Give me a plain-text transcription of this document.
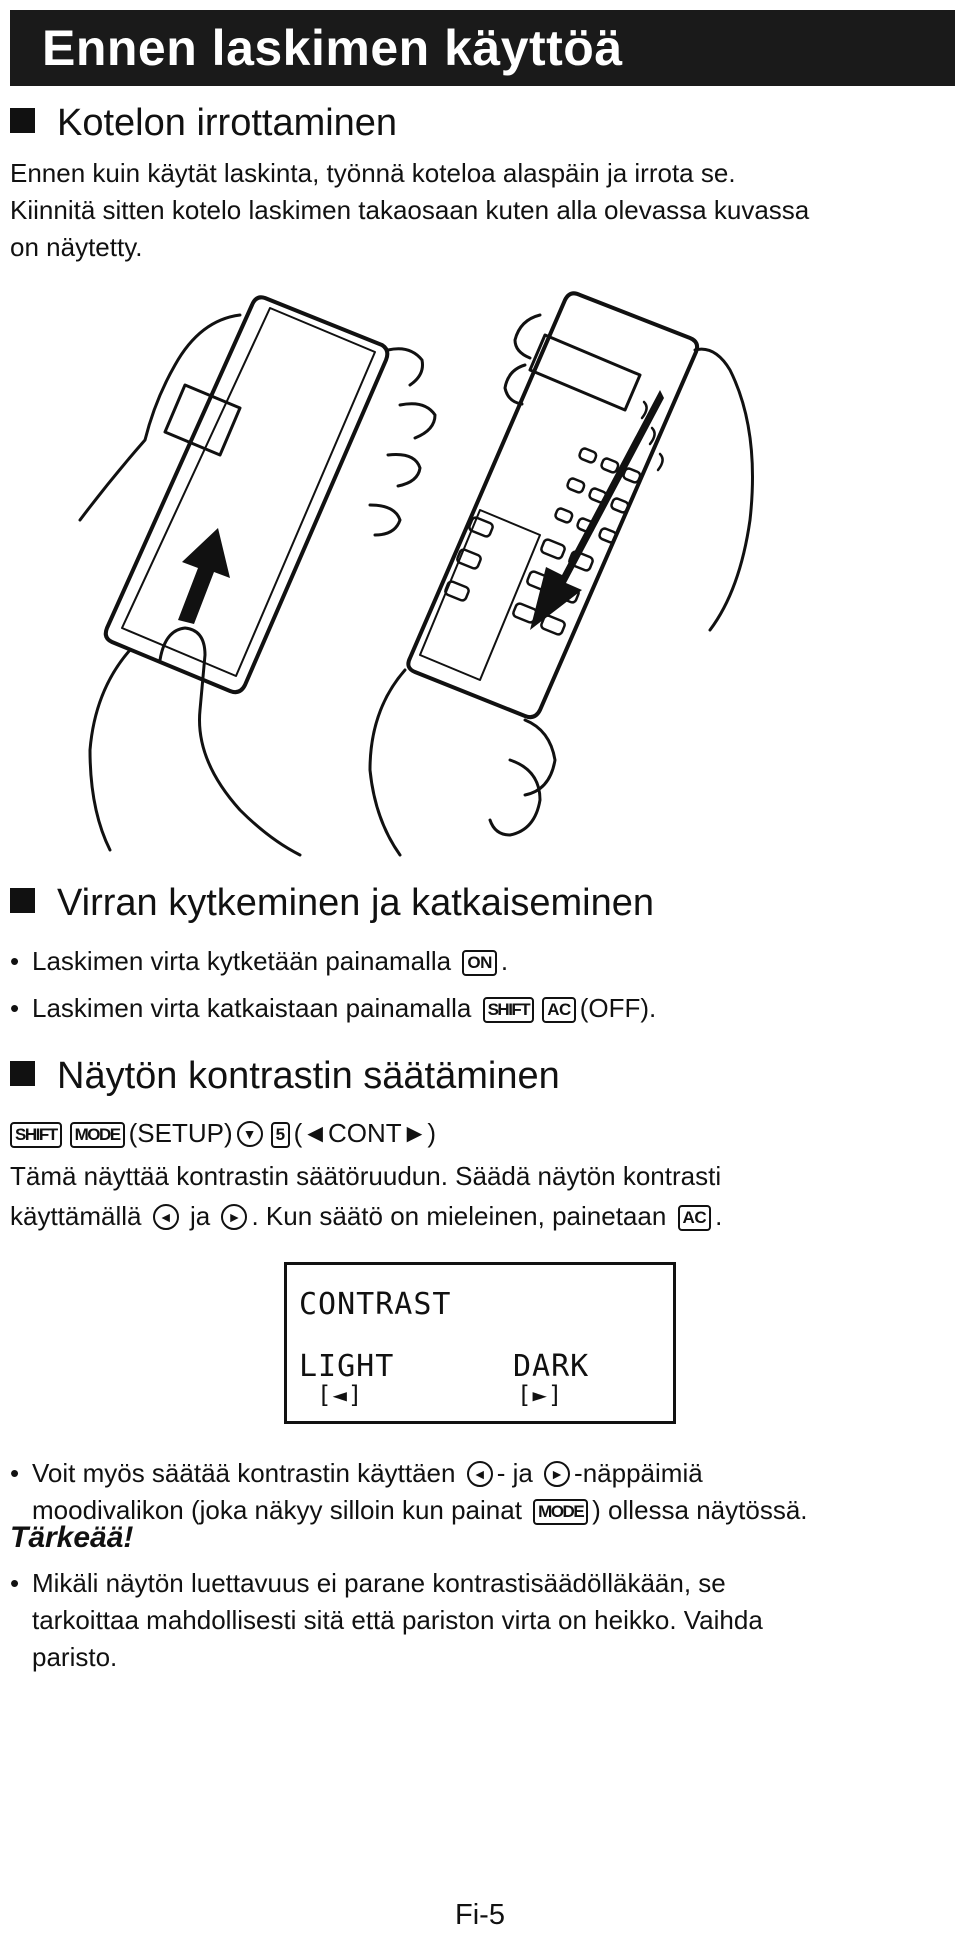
Ennen laskimen käyttöä
Kotelon irrottaminen
Ennen kuin käytät laskinta, työnnä koteloa alaspäin ja irrota se.
Kiinnitä sitten kotelo laskimen takaosaan kuten alla olevassa kuvassa
on näytetty.
Virran kytkeminen ja katkaiseminen
• Laskimen virta kytketään painamalla ON .
• Laskimen virta katkaistaan painamalla SHIFT AC (OFF).
Näytön kontrastin säätäminen
SHIFT MODE (SETUP) ▼ 5 (◄CONT►)
Tämä näyttää kontrastin säätöruudun. Säädä näytön kontrasti
käyttämällä ◄ ja ► . Kun säätö on mieleinen, painetaan AC .
CONTRAST
LIGHT	DARK
[◄]	[►]
• Voit myös säätää kontrastin käyttäen ◄ - ja ► -näppäimiä
moodivalikon (joka näkyy silloin kun painat MODE ) ollessa näytössä.
Tärkeää!
• Mikäli näytön luettavuus ei parane kontrastisäädölläkään, se
tarkoittaa mahdollisesti sitä että pariston virta on heikko. Vaihda
paristo.
Fi-5
